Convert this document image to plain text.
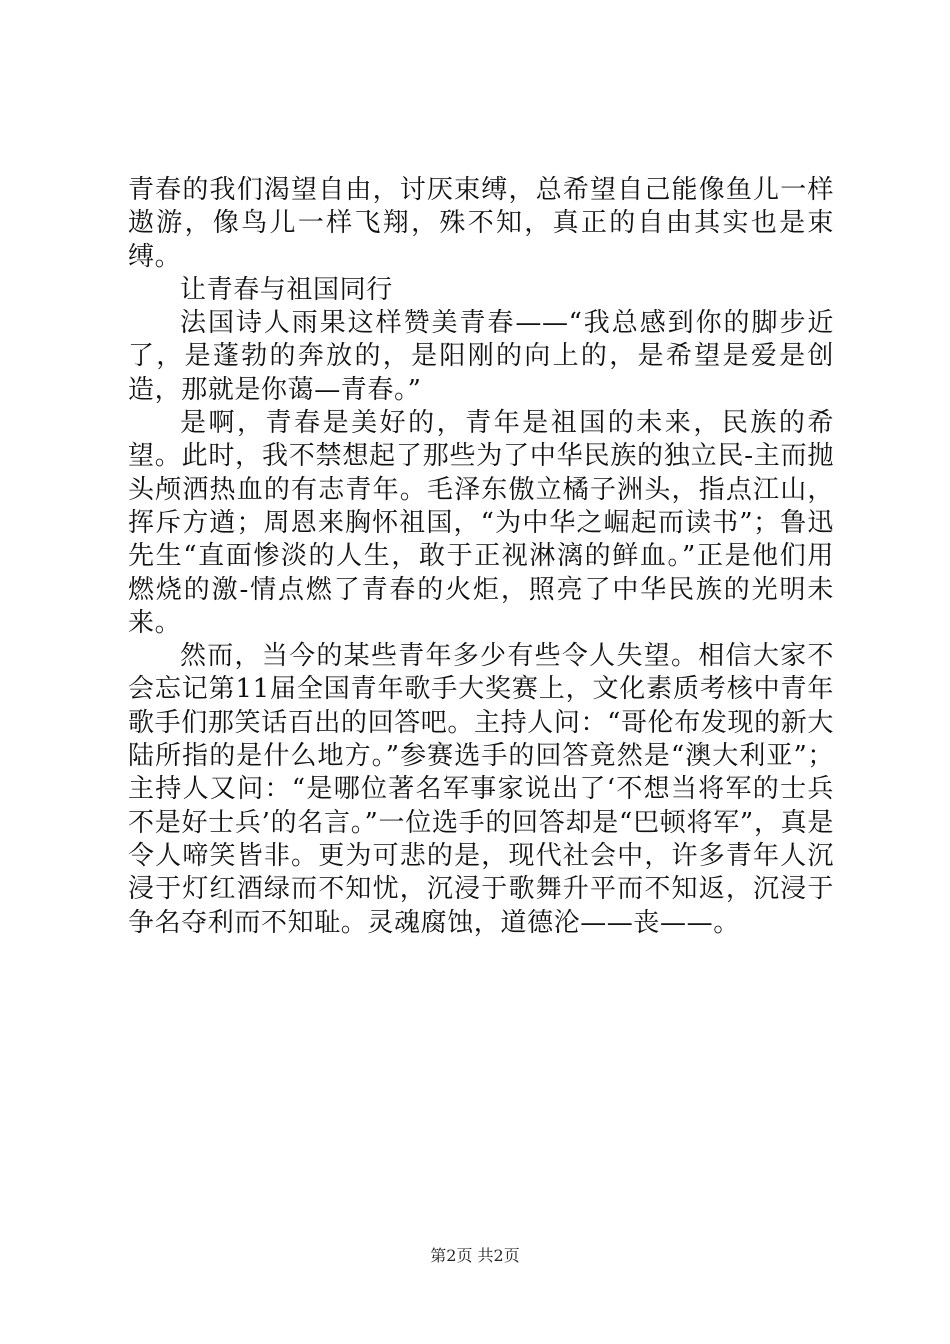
青春的我们渴望自由，讨厌束缚，总希望自己能像鱼儿一样遨游，像鸟儿一样飞翔，殊不知，真正的自由其实也是束缚。

让青春与祖国同行

法国诗人雨果这样赞美青春——“我总感到你的脚步近了，是蓬勃的奔放的，是阳刚的向上的，是希望是爱是创造，那就是你蔼—青春。”

是啊，青春是美好的，青年是祖国的未来，民族的希望。此时，我不禁想起了那些为了中华民族的独立民-主而抛头颅洒热血的有志青年。毛泽东傲立橘子洲头，指点江山，挥斥方遒；周恩来胸怀祖国，“为中华之崛起而读书”；鲁迅先生“直面惨淡的人生，敢于正视淋漓的鲜血。”正是他们用燃烧的激-情点燃了青春的火炬，照亮了中华民族的光明未来。

然而，当今的某些青年多少有些令人失望。相信大家不会忘记第11届全国青年歌手大奖赛上，文化素质考核中青年歌手们那笑话百出的回答吧。主持人问：“哥伦布发现的新大陆所指的是什么地方。”参赛选手的回答竟然是“澳大利亚”；主持人又问：“是哪位著名军事家说出了‘不想当将军的士兵不是好士兵’的名言。”一位选手的回答却是“巴顿将军”，真是令人啼笑皆非。更为可悲的是，现代社会中，许多青年人沉浸于灯红酒绿而不知忧，沉浸于歌舞升平而不知返，沉浸于争名夺利而不知耻。灵魂腐蚀，道德沦——丧——。

第2页 共2页
